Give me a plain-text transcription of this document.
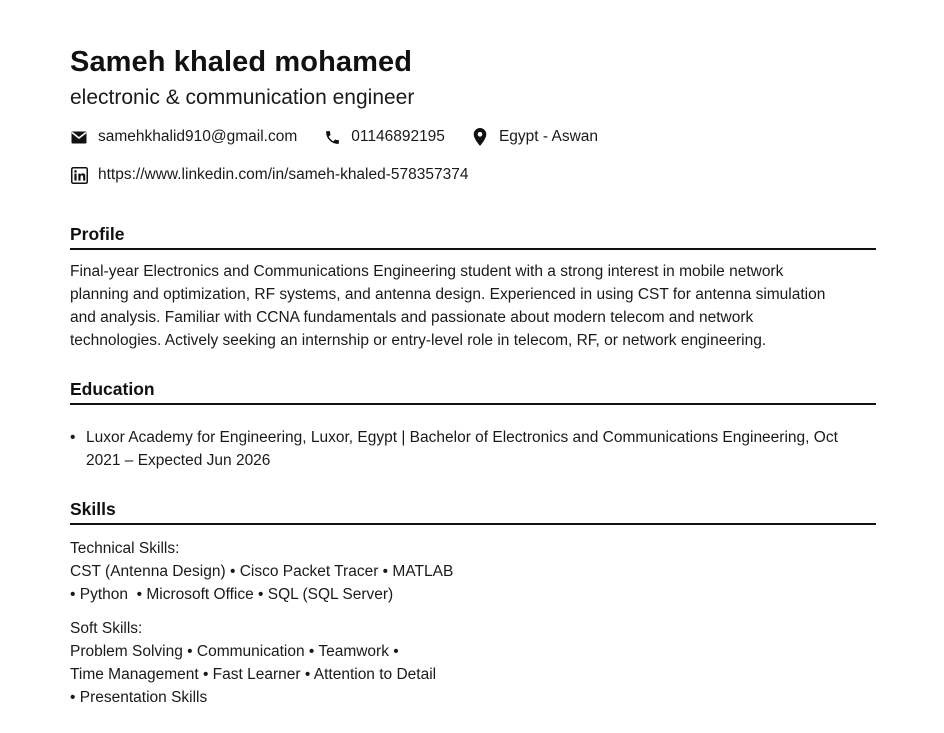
Sameh khaled mohamed
electronic & communication engineer
samehkhalid910@gmail.com	01146892195	Egypt - Aswan
https://www.linkedin.com/in/sameh-khaled-578357374
Profile
Final-year Electronics and Communications Engineering student with a strong interest in mobile network
planning and optimization, RF systems, and antenna design. Experienced in using CST for antenna simulation
and analysis. Familiar with CCNA fundamentals and passionate about modern telecom and network
technologies. Actively seeking an internship or entry-level role in telecom, RF, or network engineering.
Education
• Luxor Academy for Engineering, Luxor, Egypt | Bachelor of Electronics and Communications Engineering, Oct
2021 – Expected Jun 2026
Skills
Technical Skills:
CST (Antenna Design) • Cisco Packet Tracer • MATLAB
• Python  • Microsoft Office • SQL (SQL Server)
Soft Skills:
Problem Solving • Communication • Teamwork •
Time Management • Fast Learner • Attention to Detail
• Presentation Skills
